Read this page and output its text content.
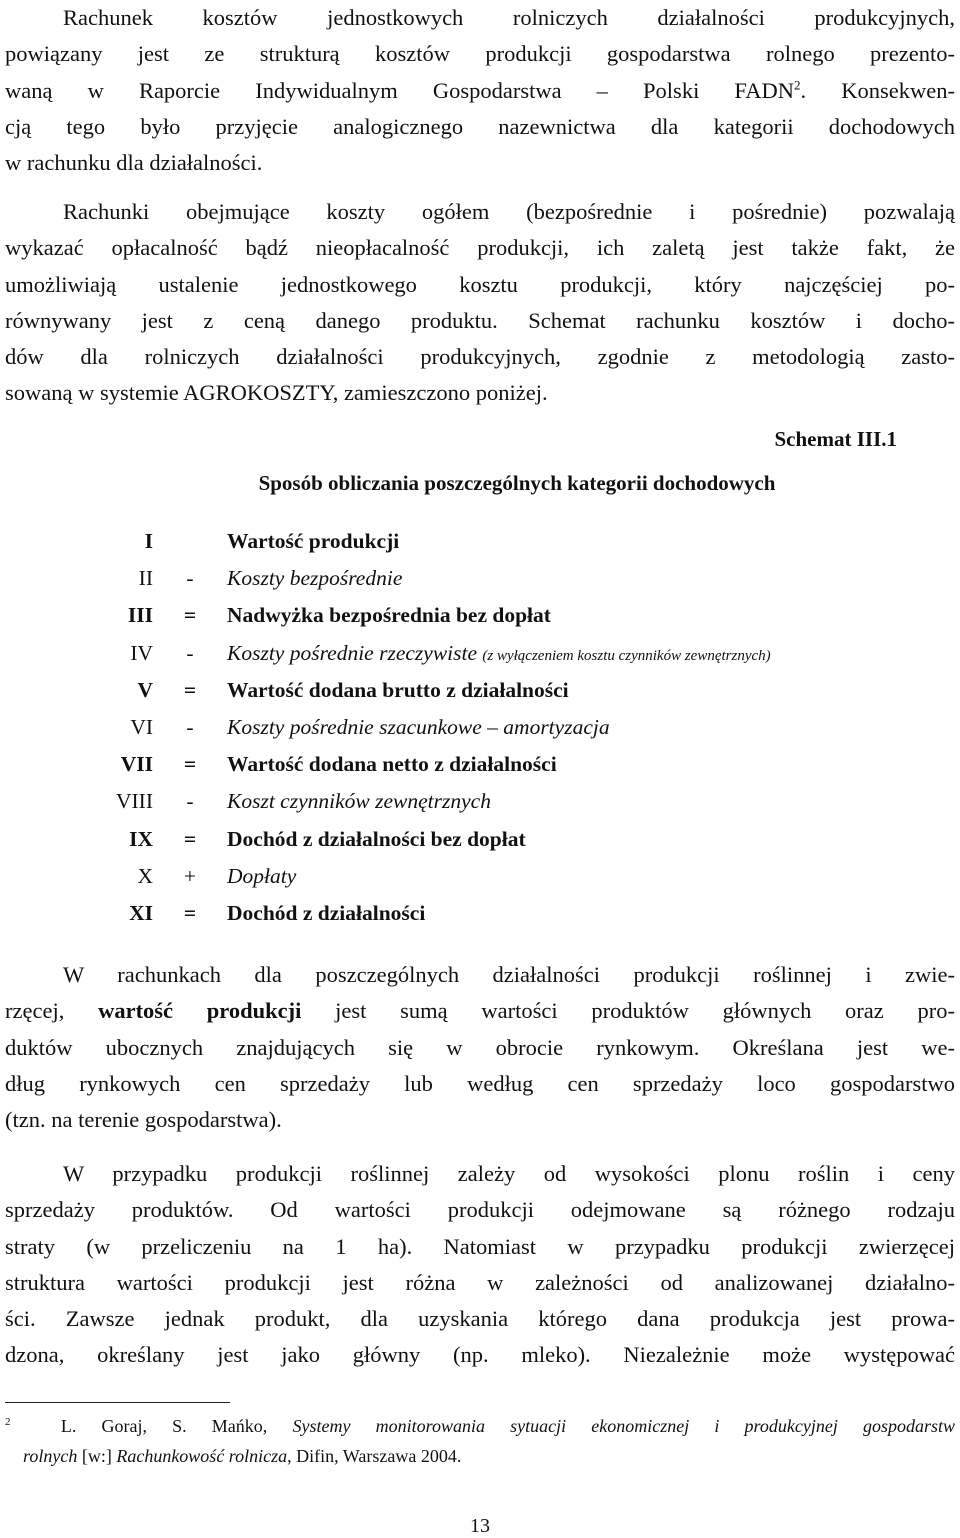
Rachunek kosztów jednostkowych rolniczych działalności produkcyjnych,
powiązany jest ze strukturą kosztów produkcji gospodarstwa rolnego prezento-
waną w Raporcie Indywidualnym Gospodarstwa – Polski FADN$^2$. Konsekwen-
cją tego było przyjęcie analogicznego nazewnictwa dla kategorii dochodowych
w rachunku dla działalności.
Rachunki obejmujące koszty ogółem (bezpośrednie i pośrednie) pozwalają
wykazać opłacalność bądź nieopłacalność produkcji, ich zaletą jest także fakt, że
umożliwiają ustalenie jednostkowego kosztu produkcji, który najczęściej po-
równywany jest z ceną danego produktu. Schemat rachunku kosztów i docho-
dów dla rolniczych działalności produkcyjnych, zgodnie z metodologią zasto-
sowaną w systemie AGROKOSZTY, zamieszczono poniżej.
Schemat III.1
Sposób obliczania poszczególnych kategorii dochodowych
I	Wartość produkcji
II - Koszty bezpośrednie
III = Nadwyżka bezpośrednia bez dopłat
IV - Koszty pośrednie rzeczywiste (z wyłączeniem kosztu czynników zewnętrznych)
V = Wartość dodana brutto z działalności
VI - Koszty pośrednie szacunkowe – amortyzacja
VII = Wartość dodana netto z działalności
VIII - Koszt czynników zewnętrznych
IX = Dochód z działalności bez dopłat
X + Dopłaty
XI = Dochód z działalności
W rachunkach dla poszczególnych działalności produkcji roślinnej i zwie-
rzęcej, wartość produkcji jest sumą wartości produktów głównych oraz pro-
duktów ubocznych znajdujących się w obrocie rynkowym. Określana jest we-
dług rynkowych cen sprzedaży lub według cen sprzedaży loco gospodarstwo
(tzn. na terenie gospodarstwa).
W przypadku produkcji roślinnej zależy od wysokości plonu roślin i ceny
sprzedaży produktów. Od wartości produkcji odejmowane są różnego rodzaju
straty (w przeliczeniu na 1 ha). Natomiast w przypadku produkcji zwierzęcej
struktura wartości produkcji jest różna w zależności od analizowanej działalno-
ści. Zawsze jednak produkt, dla uzyskania którego dana produkcja jest prowa-
dzona, określany jest jako główny (np. mleko). Niezależnie może występować
$^2$	L. Goraj, S. Mańko, Systemy monitorowania sytuacji ekonomicznej i produkcyjnej gospodarstw
rolnych [w:] Rachunkowość rolnicza, Difin, Warszawa 2004.
13
